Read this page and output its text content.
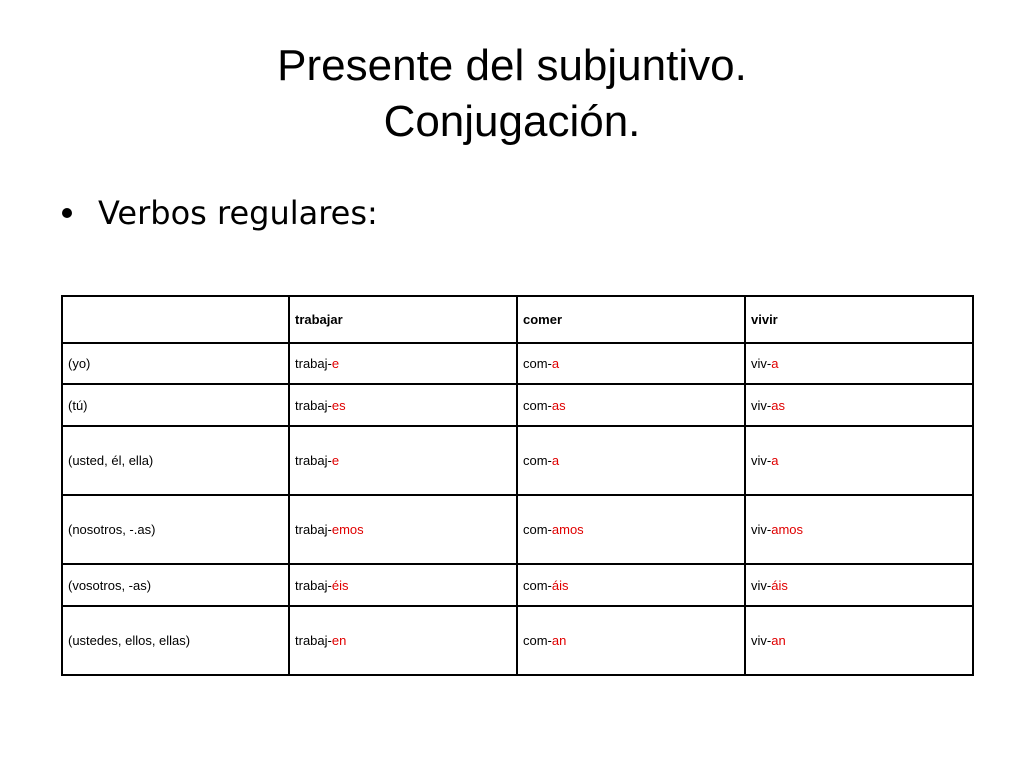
Presente del subjuntivo.
Conjugación.
Verbos regulares:
	trabajar	comer	vivir
(yo)	trabaj-e	com-a	viv-a
(tú)	trabaj-es	com-as	viv-as
(usted, él, ella)	trabaj-e	com-a	viv-a
(nosotros, -.as)	trabaj-emos	com-amos	viv-amos
(vosotros, -as)	trabaj-éis	com-áis	viv-áis
(ustedes, ellos, ellas)	trabaj-en	com-an	viv-an
